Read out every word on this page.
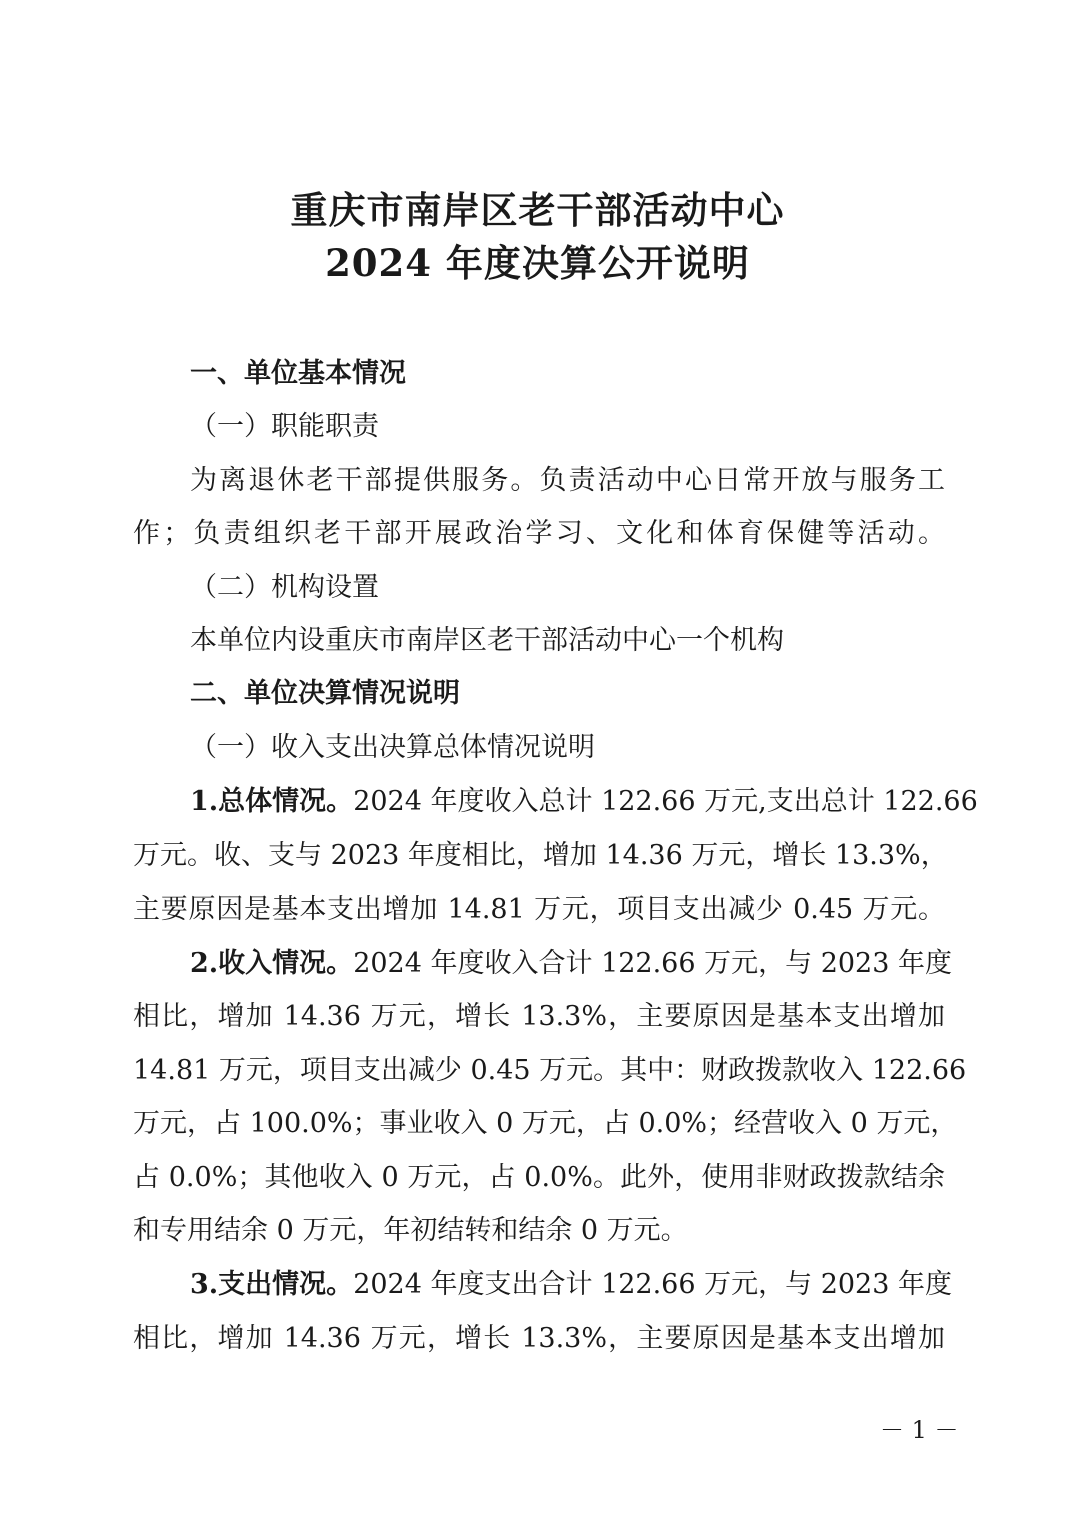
重庆市南岸区老干部活动中心
2024 年度决算公开说明
一、单位基本情况
（一）职能职责
为离退休老干部提供服务。负责活动中心日常开放与服务工
作；负责组织老干部开展政治学习、文化和体育保健等活动。
（二）机构设置
本单位内设重庆市南岸区老干部活动中心一个机构
二、单位决算情况说明
（一）收入支出决算总体情况说明
1.总体情况。2024 年度收入总计 122.66 万元,支出总计 122.66
万元。收、支与 2023 年度相比，增加 14.36 万元，增长 13.3%，
主要原因是基本支出增加 14.81 万元，项目支出减少 0.45 万元。
2.收入情况。2024 年度收入合计 122.66 万元，与 2023 年度
相比，增加 14.36 万元，增长 13.3%，主要原因是基本支出增加
14.81 万元，项目支出减少 0.45 万元。其中：财政拨款收入 122.66
万元，占 100.0%；事业收入 0 万元，占 0.0%；经营收入 0 万元，
占 0.0%；其他收入 0 万元，占 0.0%。此外，使用非财政拨款结余
和专用结余 0 万元，年初结转和结余 0 万元。
3.支出情况。2024 年度支出合计 122.66 万元，与 2023 年度
相比，增加 14.36 万元，增长 13.3%，主要原因是基本支出增加
－ 1 －
